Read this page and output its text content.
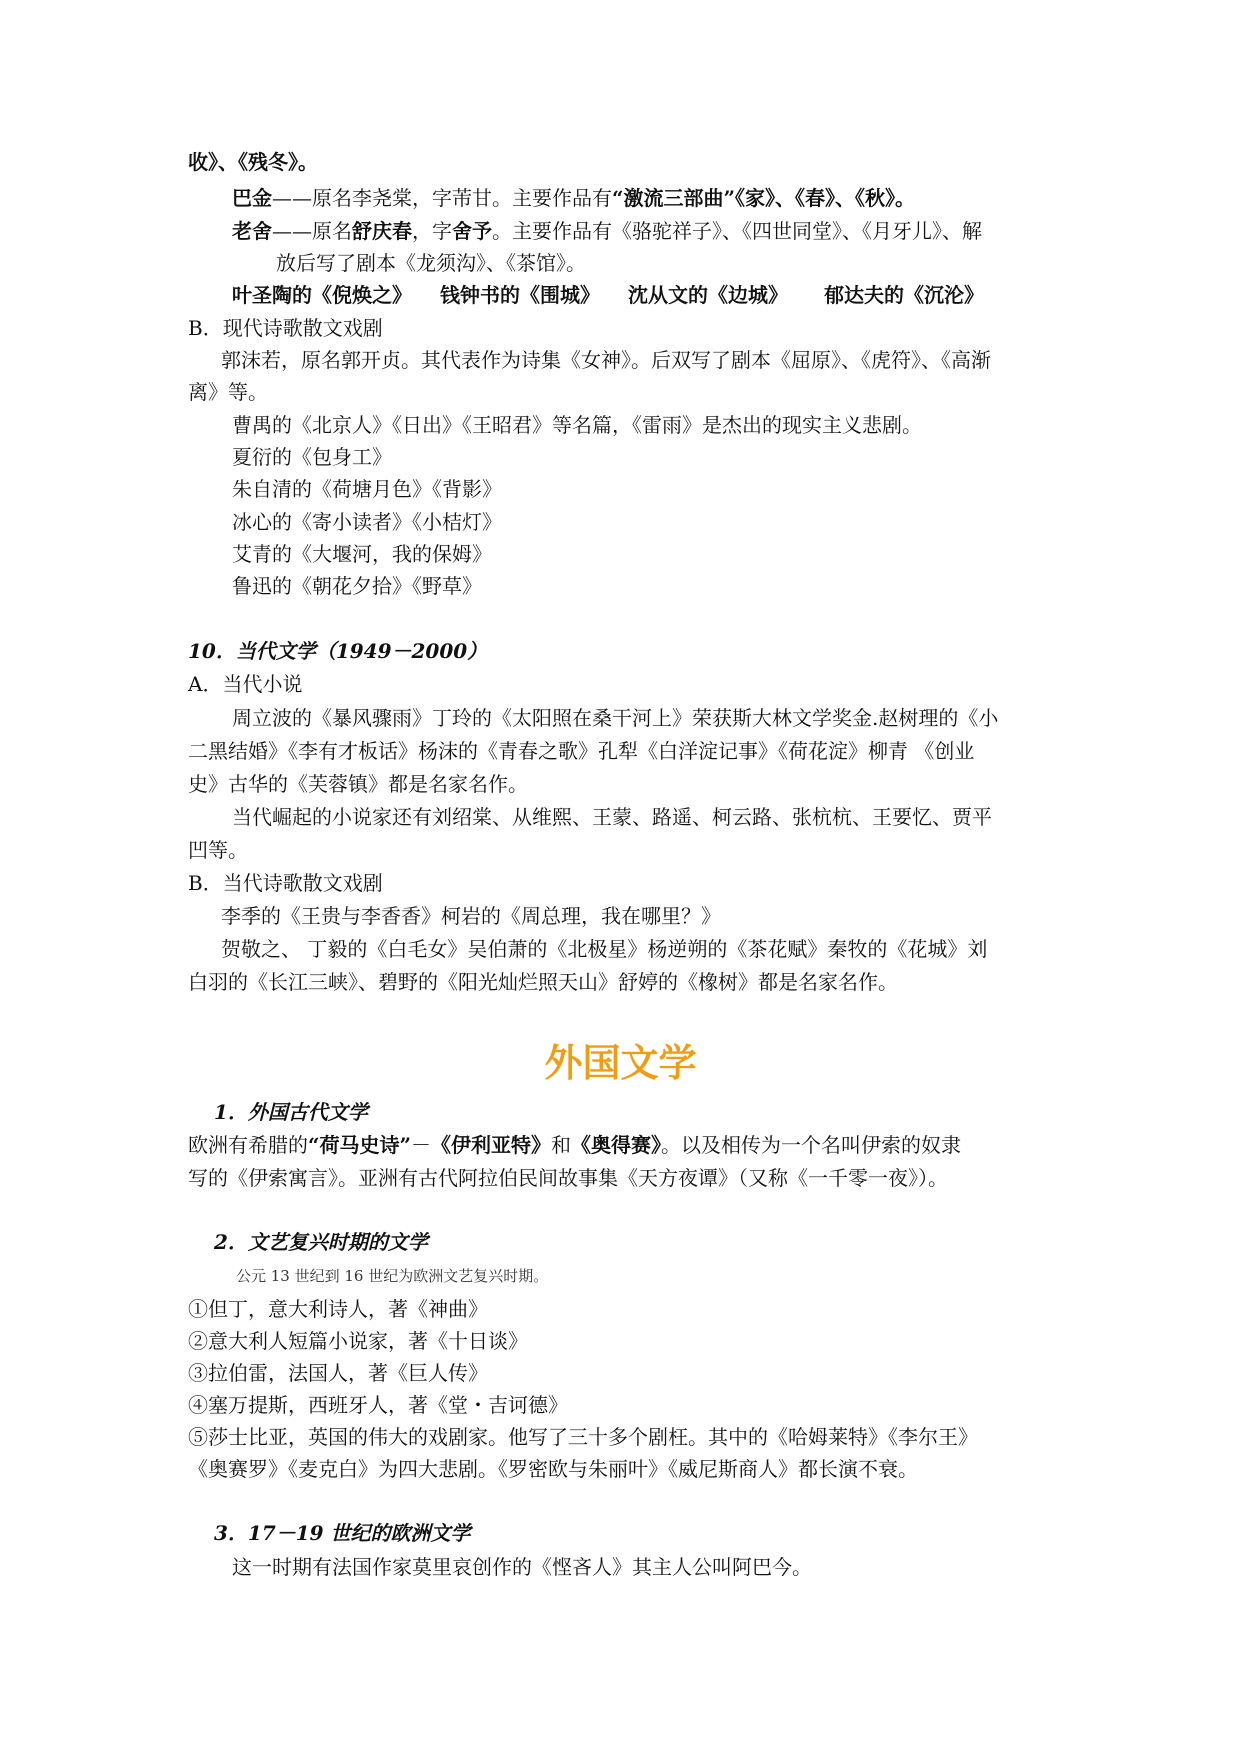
收》、《残冬》。
巴金——原名李尧棠，字芾甘。主要作品有“激流三部曲”《家》、《春》、《秋》。
老舍——原名舒庆春，字舍予。主要作品有《骆驼祥子》、《四世同堂》、《月牙儿》、解
放后写了剧本《龙须沟》、《茶馆》。
叶圣陶的《倪焕之》 钱钟书的《围城》 沈从文的《边城》 郁达夫的《沉沦》
B．现代诗歌散文戏剧
郭沫若，原名郭开贞。其代表作为诗集《女神》。后双写了剧本《屈原》、《虎符》、《高渐
离》等。
曹禺的《北京人》《日出》《王昭君》等名篇，《雷雨》是杰出的现实主义悲剧。
夏衍的《包身工》
朱自清的《荷塘月色》《背影》
冰心的《寄小读者》《小桔灯》
艾青的《大堰河，我的保姆》
鲁迅的《朝花夕拾》《野草》
10．当代文学（1949－2000）
A．当代小说
周立波的《暴风骤雨》丁玲的《太阳照在桑干河上》荣获斯大林文学奖金.赵树理的《小
二黑结婚》《李有才板话》杨沫的《青春之歌》孔犁《白洋淀记事》《荷花淀》柳青 《创业
史》古华的《芙蓉镇》都是名家名作。
当代崛起的小说家还有刘绍棠、从维熙、王蒙、路遥、柯云路、张杭杭、王要忆、贾平
凹等。
B．当代诗歌散文戏剧
李季的《王贵与李香香》柯岩的《周总理，我在哪里？》
贺敬之、 丁毅的《白毛女》吴伯萧的《北极星》杨逆朔的《茶花赋》秦牧的《花城》刘
白羽的《长江三峡》、碧野的《阳光灿烂照天山》舒婷的《橡树》都是名家名作。
外国文学
1．外国古代文学
欧洲有希腊的“荷马史诗”－《伊利亚特》和《奥得赛》。以及相传为一个名叫伊索的奴隶
写的《伊索寓言》。亚洲有古代阿拉伯民间故事集《天方夜谭》（又称《一千零一夜》）。
2．文艺复兴时期的文学
公元 13 世纪到 16 世纪为欧洲文艺复兴时期。
①但丁，意大利诗人，著《神曲》
②意大利人短篇小说家，著《十日谈》
③拉伯雷，法国人，著《巨人传》
④塞万提斯，西班牙人，著《堂・吉诃德》
⑤莎士比亚，英国的伟大的戏剧家。他写了三十多个剧枉。其中的《哈姆莱特》《李尔王》
《奥赛罗》《麦克白》为四大悲剧。《罗密欧与朱丽叶》《威尼斯商人》都长演不衰。
3．17－19 世纪的欧洲文学
这一时期有法国作家莫里哀创作的《悭吝人》其主人公叫阿巴今。
